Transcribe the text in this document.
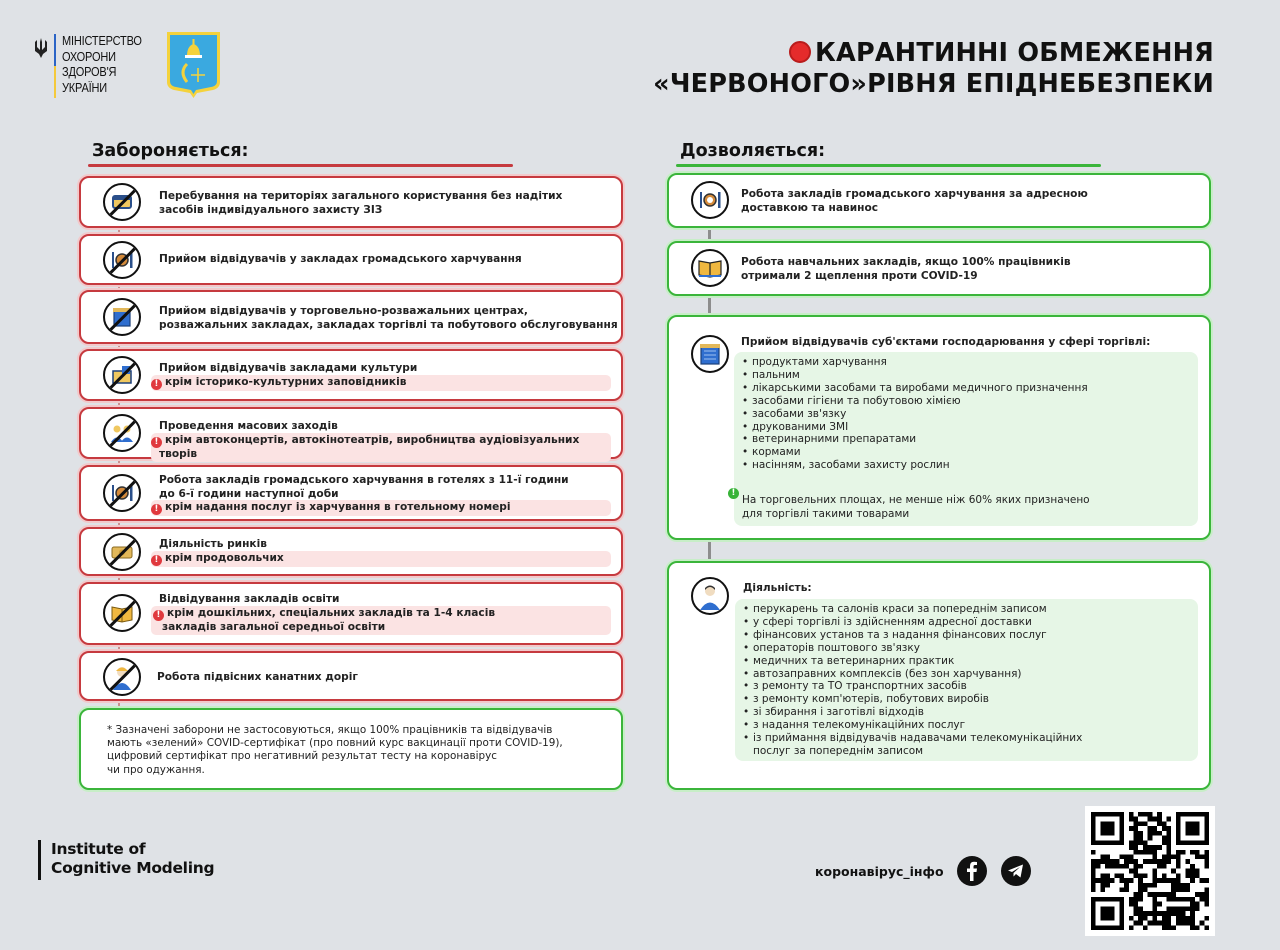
МІНІСТЕРСТВО
ОХОРОНИ
ЗДОРОВ'Я
УКРАЇНИ
КАРАНТИННІ ОБМЕЖЕННЯ
«ЧЕРВОНОГО»РІВНЯ ЕПІДНЕБЕЗПЕКИ
Забороняється:
Перебування на територіях загального користування без надітих
засобів індивідуального захисту ЗІЗ
Прийом відвідувачів у закладах громадського харчування
Прийом відвідувачів у торговельно-розважальних центрах,
розважальних закладах, закладах торгівлі та побутового обслуговування
Прийом відвідувачів закладами культури
! крім історико-культурних заповідників
Проведення масових заходів
! крім автоконцертів, автокінотеатрів, виробництва аудіовізуальних творів
Робота закладів громадського харчування в готелях з 11-ї години
до 6-ї години наступної доби
! крім надання послуг із харчування в готельному номері
Діяльність ринків
! крім продовольчих
Відвідування закладів освіти
! крім дошкільних, спеціальних закладів та 1-4 класів
закладів загальної середньої освіти
Робота підвісних канатних доріг
* Зазначені заборони не застосовуються, якщо 100% працівників та відвідувачів
мають «зелений» COVID-сертифікат (про повний курс вакцинації проти COVID-19),
цифровий сертифікат про негативний результат тесту на коронавірус
чи про одужання.
Дозволяється:
Робота закладів громадського харчування за адресною
доставкою та навинос
Робота навчальних закладів, якщо 100% працівників
отримали 2 щеплення проти COVID-19
Прийом відвідувачів суб'єктами господарювання у сфері торгівлі:
• продуктами харчування
• пальним
• лікарськими засобами та виробами медичного призначення
• засобами гігієни та побутовою хімією
• засобами зв'язку
• друкованими ЗМІ
• ветеринарними препаратами
• кормами
• насінням, засобами захисту рослин
!
На торговельних площах, не менше ніж 60% яких призначено
для торгівлі такими товарами
Діяльність:
• перукарень та салонів краси за попереднім записом
• у сфері торгівлі із здійсненням адресної доставки
• фінансових установ та з надання фінансових послуг
• операторів поштового зв'язку
• медичних та ветеринарних практик
• автозаправних комплексів (без зон харчування)
• з ремонту та ТО транспортних засобів
• з ремонту комп'ютерів, побутових виробів
• зі збирання і заготівлі відходів
• з надання телекомунікаційних послуг
• із приймання відвідувачів надавачами телекомунікаційних
послуг за попереднім записом
Institute of
Cognitive Modeling	коронавірус_інфо
